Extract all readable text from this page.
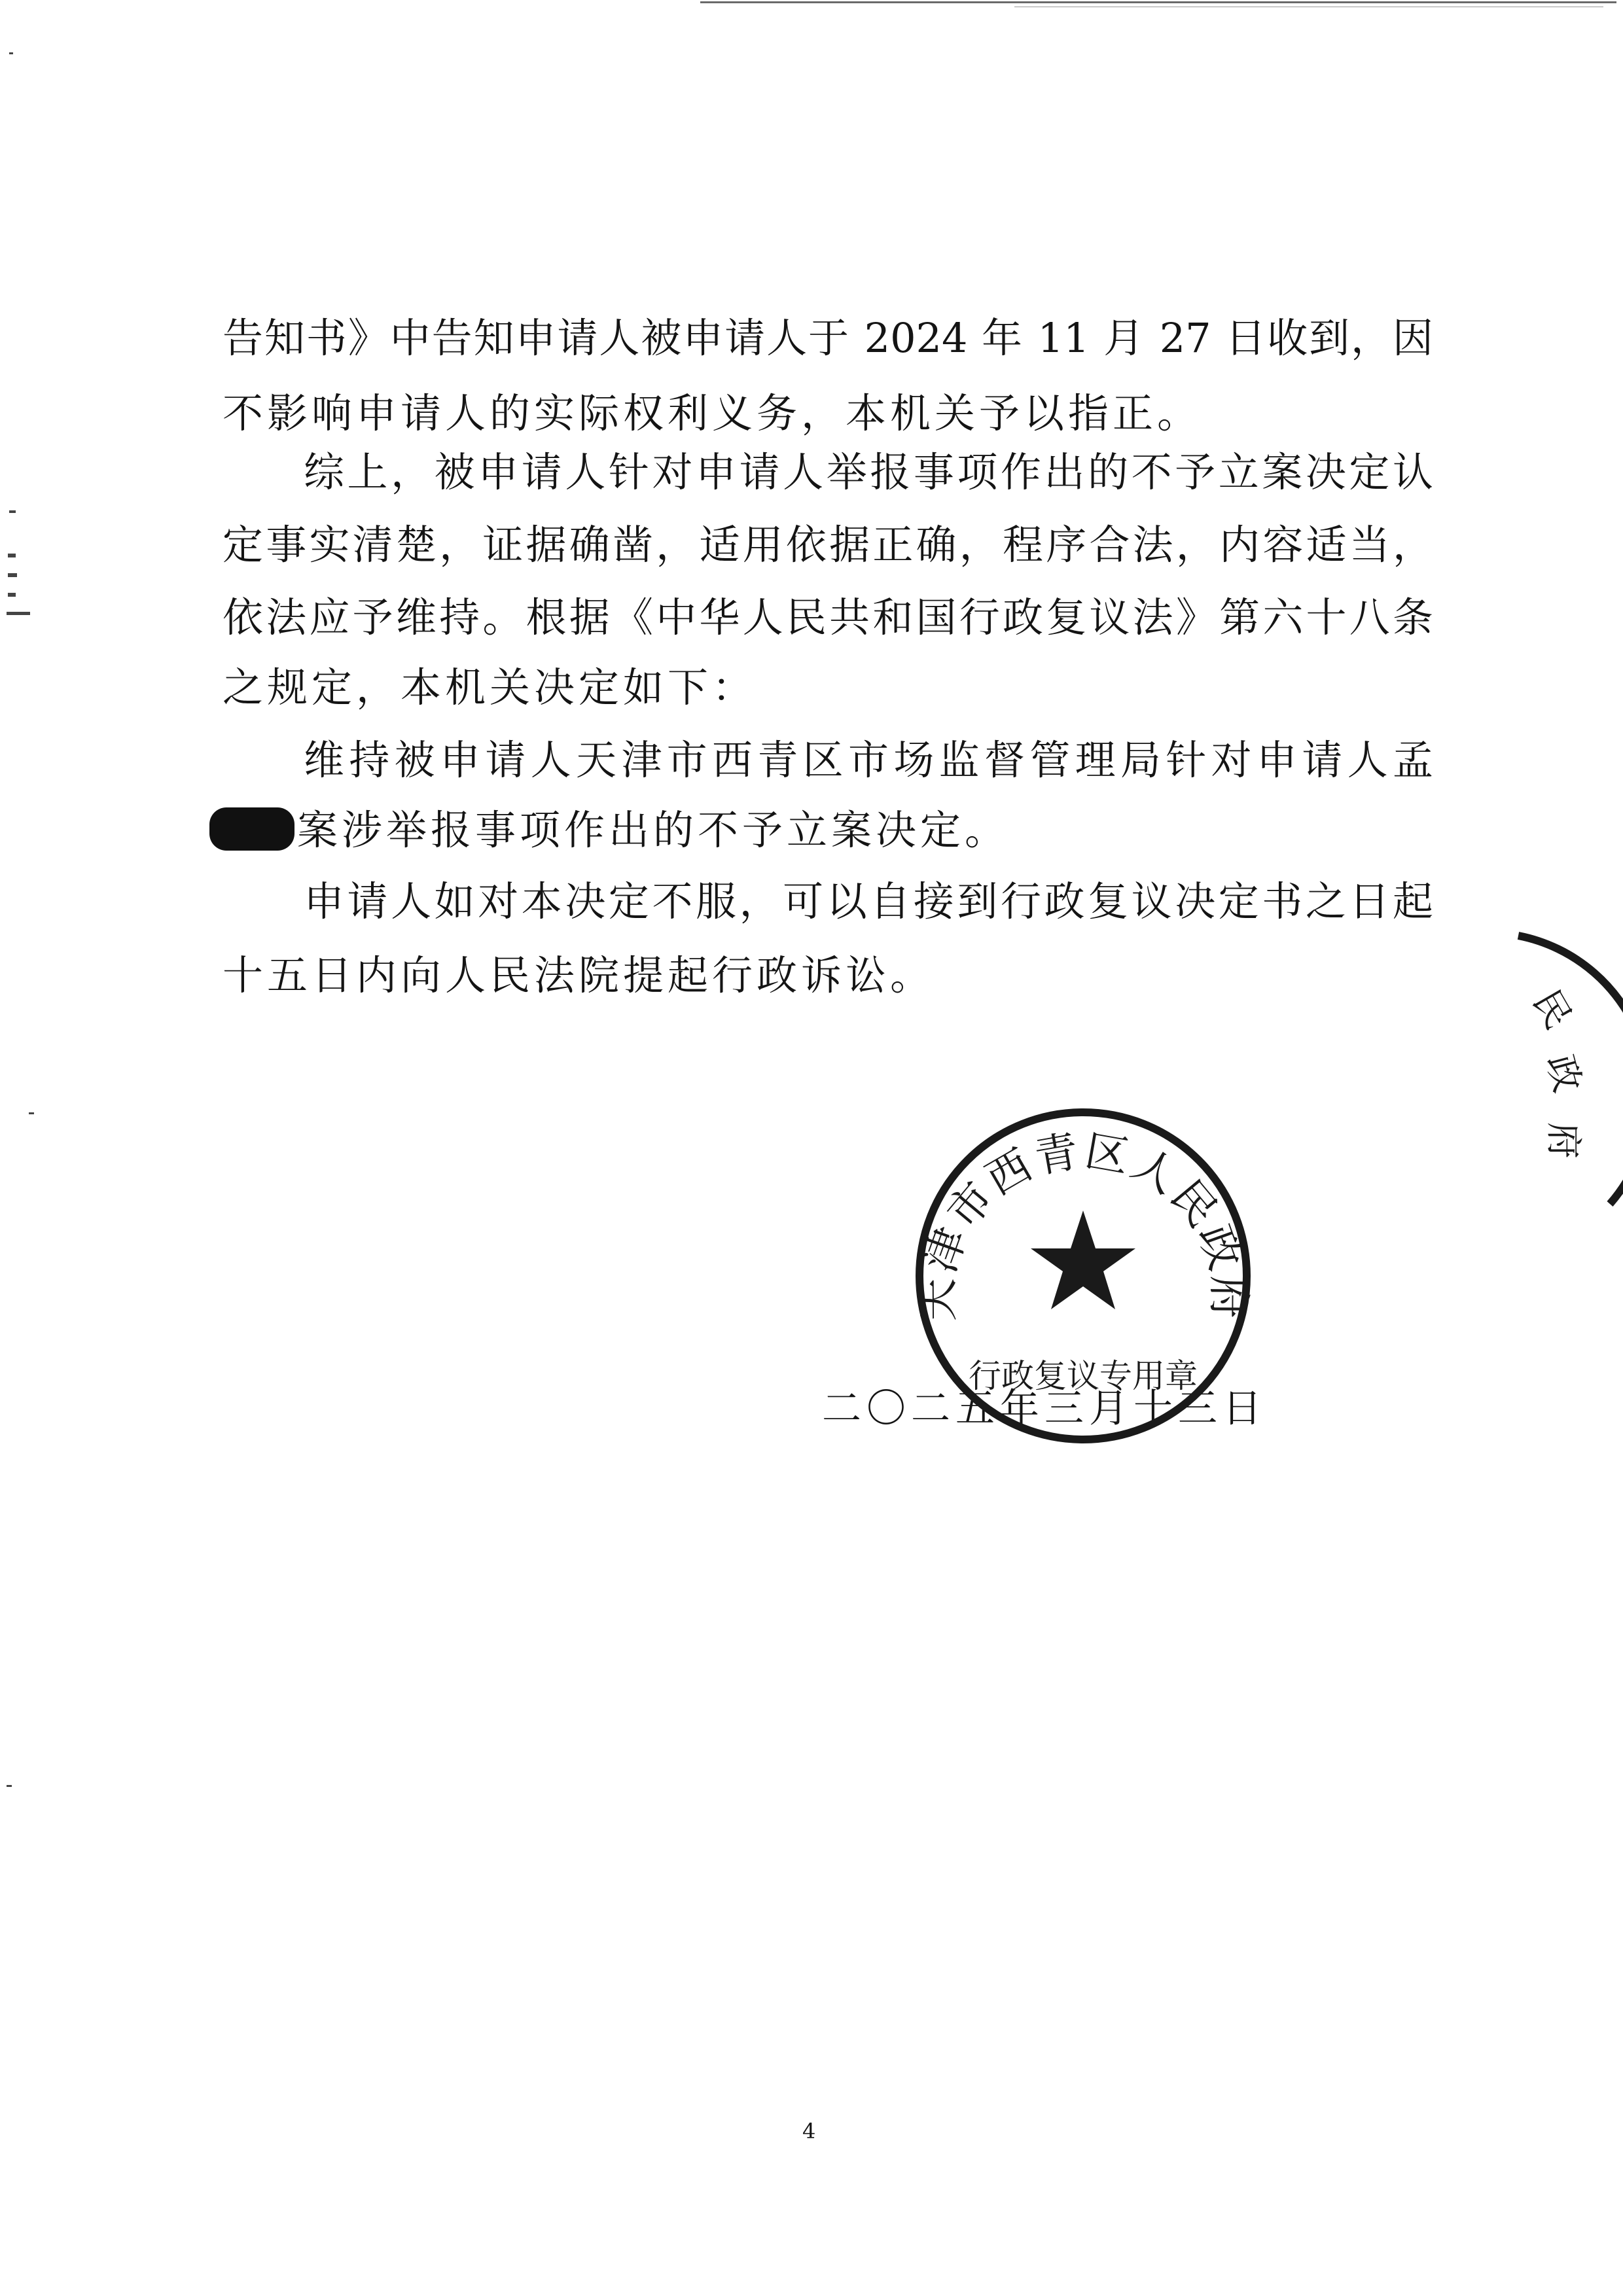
告知书》中告知申请人被申请人于 2024 年 11 月 27 日收到，因
不影响申请人的实际权利义务，本机关予以指正。
综上，被申请人针对申请人举报事项作出的不予立案决定认
定事实清楚，证据确凿，适用依据正确，程序合法，内容适当，
依法应予维持。根据《中华人民共和国行政复议法》第六十八条
之规定，本机关决定如下：
维持被申请人天津市西青区市场监督管理局针对申请人孟
案涉举报事项作出的不予立案决定。
申请人如对本决定不服，可以自接到行政复议决定书之日起
十五日内向人民法院提起行政诉讼。
二〇二五年三月十三日
天津市西青区人民政府
行政复议专用章
民
政
府
4
